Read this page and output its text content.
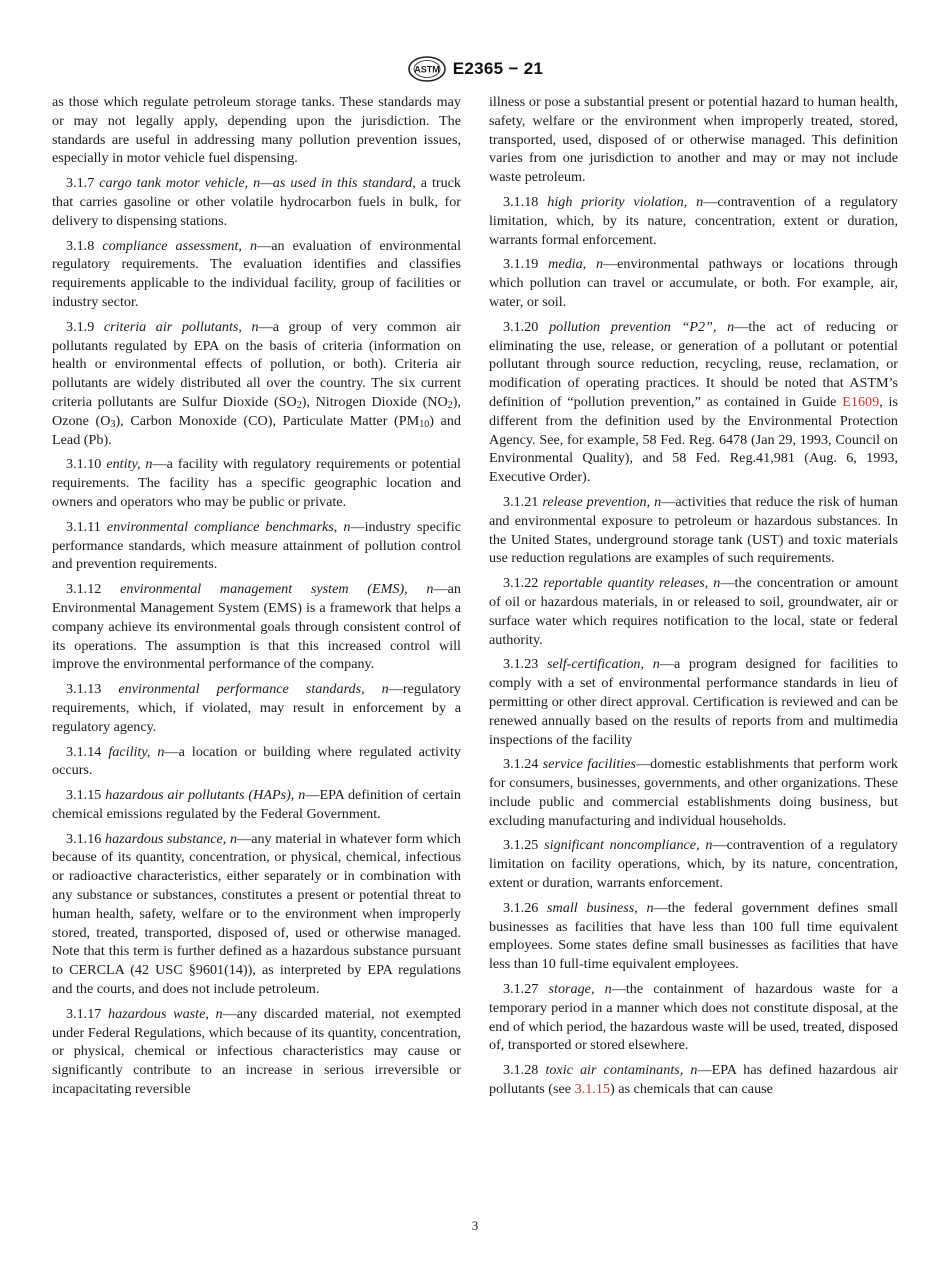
ASTM E2365 − 21

as those which regulate petroleum storage tanks. These standards may or may not legally apply, depending upon the jurisdiction. The standards are useful in addressing many pollution prevention issues, especially in motor vehicle fuel dispensing.

3.1.7 cargo tank motor vehicle, n—as used in this standard, a truck that carries gasoline or other volatile hydrocarbon fuels in bulk, for delivery to dispensing stations.

3.1.8 compliance assessment, n—an evaluation of environmental regulatory requirements. The evaluation identifies and classifies requirements applicable to the individual facility, group of facilities or industry sector.

3.1.9 criteria air pollutants, n—a group of very common air pollutants regulated by EPA on the basis of criteria (information on health or environmental effects of pollution, or both). Criteria air pollutants are widely distributed all over the country. The six current criteria pollutants are Sulfur Dioxide $(SO_2)$, Nitrogen Dioxide $(NO_2)$, Ozone $(O_3)$, Carbon Monoxide (CO), Particulate Matter $(PM_{10})$ and Lead (Pb).

3.1.10 entity, n—a facility with regulatory requirements or potential requirements. The facility has a specific geographic location and owners and operators who may be public or private.

3.1.11 environmental compliance benchmarks, n—industry specific performance standards, which measure attainment of pollution control and prevention requirements.

3.1.12 environmental management system (EMS), n—an Environmental Management System (EMS) is a framework that helps a company achieve its environmental goals through consistent control of its operations. The assumption is that this increased control will improve the environmental performance of the company.

3.1.13 environmental performance standards, n—regulatory requirements, which, if violated, may result in enforcement by a regulatory agency.

3.1.14 facility, n—a location or building where regulated activity occurs.

3.1.15 hazardous air pollutants (HAPs), n—EPA definition of certain chemical emissions regulated by the Federal Government.

3.1.16 hazardous substance, n—any material in whatever form which because of its quantity, concentration, or physical, chemical, infectious or radioactive characteristics, either separately or in combination with any substance or substances, constitutes a present or potential threat to human health, safety, welfare or to the environment when improperly stored, treated, transported, disposed of, used or otherwise managed. Note that this term is further defined as a hazardous substance pursuant to CERCLA (42 USC §9601(14)), as interpreted by EPA regulations and the courts, and does not include petroleum.

3.1.17 hazardous waste, n—any discarded material, not exempted under Federal Regulations, which because of its quantity, concentration, or physical, chemical or infectious characteristics may cause or significantly contribute to an increase in serious irreversible or incapacitating reversible

illness or pose a substantial present or potential hazard to human health, safety, welfare or the environment when improperly treated, stored, transported, used, disposed of or otherwise managed. This definition varies from one jurisdiction to another and may or may not include waste petroleum.

3.1.18 high priority violation, n—contravention of a regulatory limitation, which, by its nature, concentration, extent or duration, warrants formal enforcement.

3.1.19 media, n—environmental pathways or locations through which pollution can travel or accumulate, or both. For example, air, water, or soil.

3.1.20 pollution prevention “P2”, n—the act of reducing or eliminating the use, release, or generation of a pollutant or potential pollutant through source reduction, recycling, reuse, reclamation, or modification of operating practices. It should be noted that ASTM’s definition of “pollution prevention,” as contained in Guide E1609, is different from the definition used by the Environmental Protection Agency. See, for example, 58 Fed. Reg. 6478 (Jan 29, 1993, Council on Environmental Quality), and 58 Fed. Reg.41,981 (Aug. 6, 1993, Executive Order).

3.1.21 release prevention, n—activities that reduce the risk of human and environmental exposure to petroleum or hazardous substances. In the United States, underground storage tank (UST) and toxic materials use reduction regulations are examples of such requirements.

3.1.22 reportable quantity releases, n—the concentration or amount of oil or hazardous materials, in or released to soil, groundwater, air or surface water which requires notification to the local, state or federal authority.

3.1.23 self-certification, n—a program designed for facilities to comply with a set of environmental performance standards in lieu of permitting or other direct approval. Certification is reviewed and can be renewed annually based on the results of reports from and multimedia inspections of the facility

3.1.24 service facilities—domestic establishments that perform work for consumers, businesses, governments, and other organizations. These include public and commercial establishments doing business, but excluding manufacturing and individual households.

3.1.25 significant noncompliance, n—contravention of a regulatory limitation on facility operations, which, by its nature, concentration, extent or duration, warrants enforcement.

3.1.26 small business, n—the federal government defines small businesses as facilities that have less than 100 full time equivalent employees. Some states define small businesses as facilities that have less than 10 full-time equivalent employees.

3.1.27 storage, n—the containment of hazardous waste for a temporary period in a manner which does not constitute disposal, at the end of which period, the hazardous waste will be used, treated, disposed of, transported or stored elsewhere.

3.1.28 toxic air contaminants, n—EPA has defined hazardous air pollutants (see 3.1.15) as chemicals that can cause

3
